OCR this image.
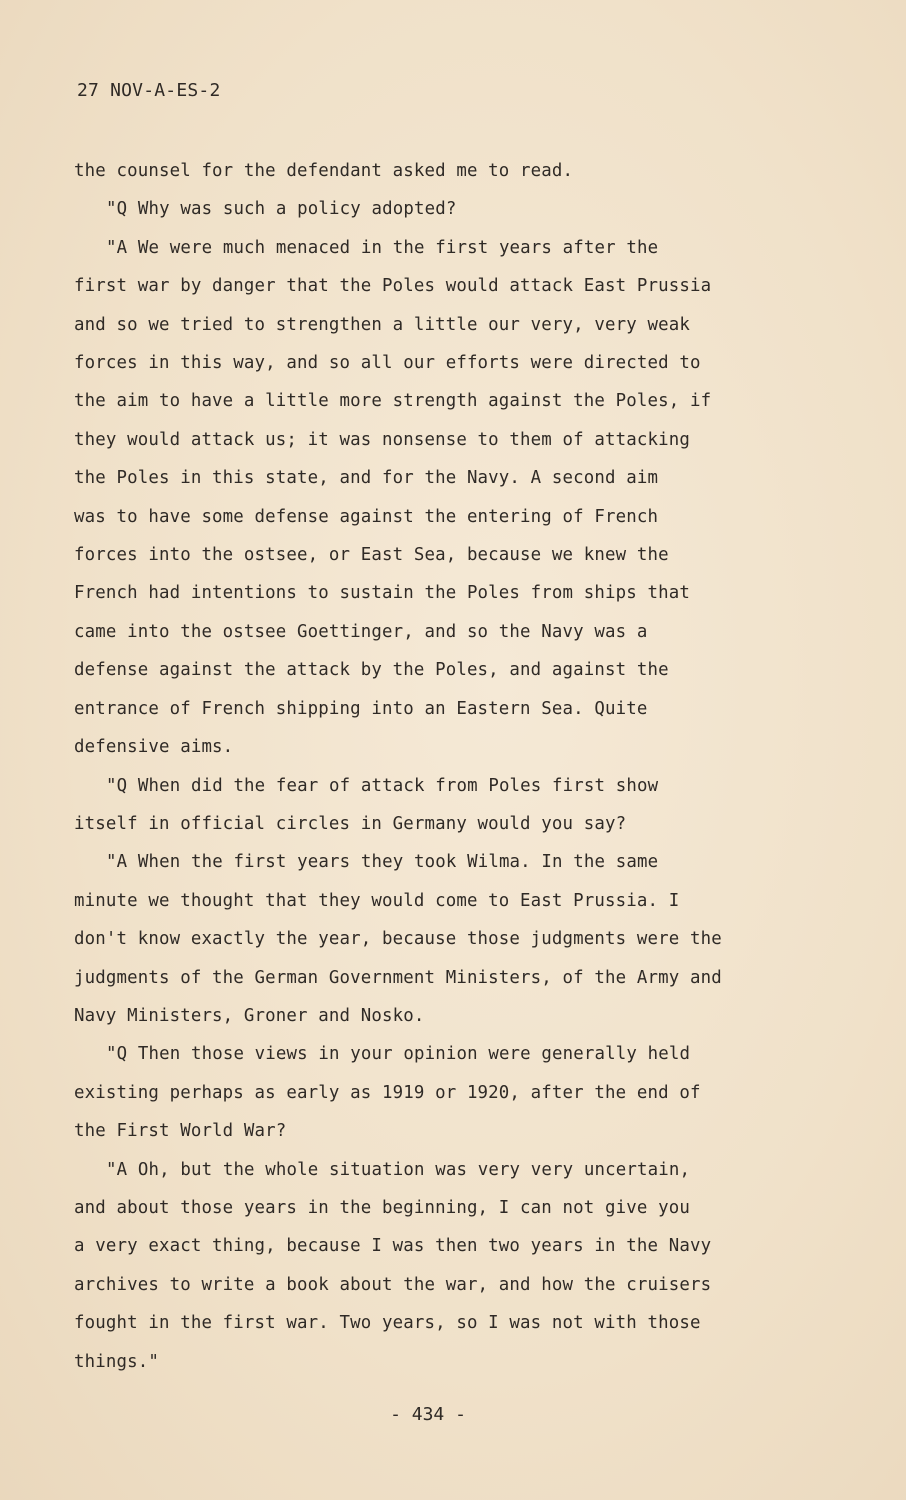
27 NOV-A-ES-2
the counsel for the defendant asked me to read.
"Q Why was such a policy adopted?
"A We were much menaced in the first years after the
first war by danger that the Poles would attack East Prussia
and so we tried to strengthen a little our very, very weak
forces in this way, and so all our efforts were directed to
the aim to have a little more strength against the Poles, if
they would attack us; it was nonsense to them of attacking
the Poles in this state, and for the Navy. A second aim
was to have some defense against the entering of French
forces into the ostsee, or East Sea, because we knew the
French had intentions to sustain the Poles from ships that
came into the ostsee Goettinger, and so the Navy was a
defense against the attack by the Poles, and against the
entrance of French shipping into an Eastern Sea. Quite
defensive aims.
"Q When did the fear of attack from Poles first show
itself in official circles in Germany would you say?
"A When the first years they took Wilma. In the same
minute we thought that they would come to East Prussia. I
don't know exactly the year, because those judgments were the
judgments of the German Government Ministers, of the Army and
Navy Ministers, Groner and Nosko.
"Q Then those views in your opinion were generally held
existing perhaps as early as 1919 or 1920, after the end of
the First World War?
"A Oh, but the whole situation was very very uncertain,
and about those years in the beginning, I can not give you
a very exact thing, because I was then two years in the Navy
archives to write a book about the war, and how the cruisers
fought in the first war. Two years, so I was not with those
things."
- 434 -
